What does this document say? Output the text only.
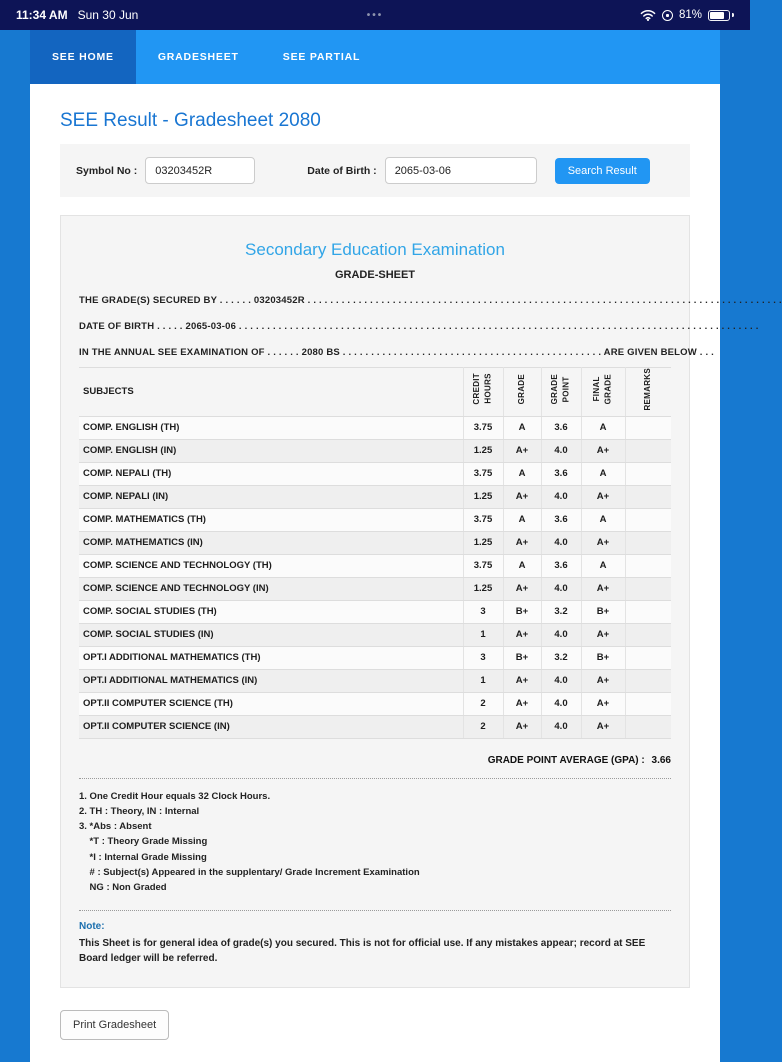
11:34 AM Sun 30 Jun	•••	81%
SEE HOME	GRADESHEET	SEE PARTIAL
SEE Result - Gradesheet 2080
Symbol No :
03203452R	Date of Birth :
2065-03-06	Search Result
Secondary Education Examination
GRADE-SHEET
THE GRADE(S) SECURED BY . . . . . . 03203452R . . . . . . . . . . . . . . . . . . . . . . . . . . . . . . . . . . . . . . . . . . . . . . . . . . . . . . . . . . . . . . . . . . . . . . . . . . . . . . . . . . . .
DATE OF BIRTH . . . . . 2065-03-06 . . . . . . . . . . . . . . . . . . . . . . . . . . . . . . . . . . . . . . . . . . . . . . . . . . . . . . . . . . . . . . . . . . . . . . . . . . . . . . . . . . . . . . . . . . . .
IN THE ANNUAL SEE EXAMINATION OF . . . . . . 2080 BS . . . . . . . . . . . . . . . . . . . . . . . . . . . . . . . . . . . . . . . . . . . . . . ARE GIVEN BELOW . . .
SUBJECTS	CREDIT
HOURS	GRADE	GRADE
POINT	FINAL
GRADE	REMARKS
COMP. ENGLISH (TH)	3.75	A	3.6	A	
COMP. ENGLISH (IN)	1.25	A+	4.0	A+	
COMP. NEPALI (TH)	3.75	A	3.6	A	
COMP. NEPALI (IN)	1.25	A+	4.0	A+	
COMP. MATHEMATICS (TH)	3.75	A	3.6	A	
COMP. MATHEMATICS (IN)	1.25	A+	4.0	A+	
COMP. SCIENCE AND TECHNOLOGY (TH)	3.75	A	3.6	A	
COMP. SCIENCE AND TECHNOLOGY (IN)	1.25	A+	4.0	A+	
COMP. SOCIAL STUDIES (TH)	3	B+	3.2	B+	
COMP. SOCIAL STUDIES (IN)	1	A+	4.0	A+	
OPT.I ADDITIONAL MATHEMATICS (TH)	3	B+	3.2	B+	
OPT.I ADDITIONAL MATHEMATICS (IN)	1	A+	4.0	A+	
OPT.II COMPUTER SCIENCE (TH)	2	A+	4.0	A+	
OPT.II COMPUTER SCIENCE (IN)	2	A+	4.0	A+	
GRADE POINT AVERAGE (GPA) : 3.66
1. One Credit Hour equals 32 Clock Hours.
2. TH : Theory, IN : Internal
3. *Abs : Absent
*T : Theory Grade Missing
*I : Internal Grade Missing
# : Subject(s) Appeared in the supplentary/ Grade Increment Examination
NG : Non Graded
Note:
This Sheet is for general idea of grade(s) you secured. This is not for official use. If any mistakes appear; record at SEE Board ledger will be referred.
Print Gradesheet
